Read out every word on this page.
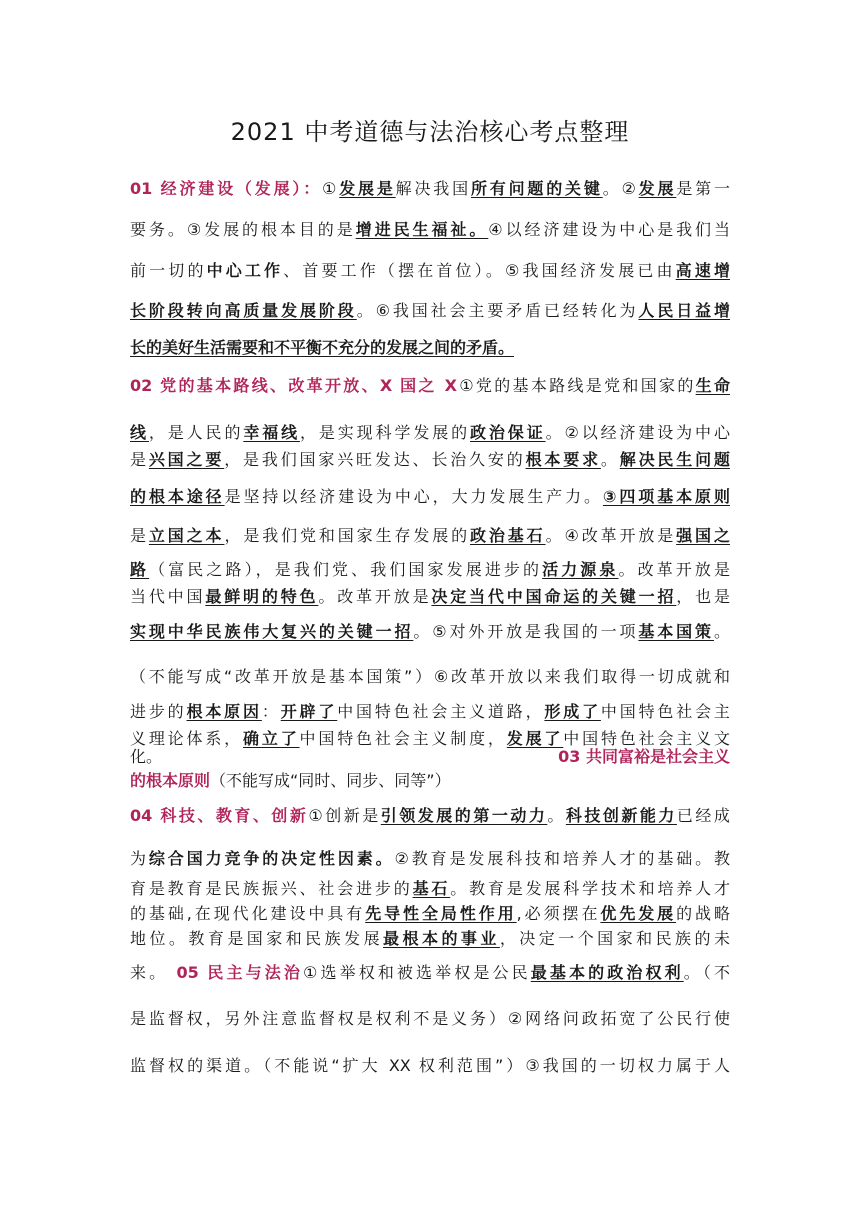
2021 中考道德与法治核心考点整理
01 经济建设（发展）：①发展是解决我国所有问题的关键。②发展是第一
要务。③发展的根本目的是增进民生福祉。④以经济建设为中心是我们当
前一切的中心工作、首要工作（摆在首位）。⑤我国经济发展已由高速增
长阶段转向高质量发展阶段。⑥我国社会主要矛盾已经转化为人民日益增
长的美好生活需要和不平衡不充分的发展之间的矛盾。
02 党的基本路线、改革开放、X 国之 X①党的基本路线是党和国家的生命
线，是人民的幸福线，是实现科学发展的政治保证。②以经济建设为中心
是兴国之要，是我们国家兴旺发达、长治久安的根本要求。解决民生问题
的根本途径是坚持以经济建设为中心，大力发展生产力。③四项基本原则
是立国之本，是我们党和国家生存发展的政治基石。④改革开放是强国之
路（富民之路），是我们党、我们国家发展进步的活力源泉。改革开放是
当代中国最鲜明的特色。改革开放是决定当代中国命运的关键一招，也是
实现中华民族伟大复兴的关键一招。⑤对外开放是我国的一项基本国策。
（不能写成“改革开放是基本国策”）⑥改革开放以来我们取得一切成就和
进步的根本原因：开辟了中国特色社会主义道路，形成了中国特色社会主
义理论体系，确立了中国特色社会主义制度，发展了中国特色社会主义文
化。	03 共同富裕是社会主义
的根本原则（不能写成“同时、同步、同等”）
04 科技、教育、创新①创新是引领发展的第一动力。科技创新能力已经成
为综合国力竞争的决定性因素。②教育是发展科技和培养人才的基础。教
育是教育是民族振兴、社会进步的基石。教育是发展科学技术和培养人才
的基础,在现代化建设中具有先导性全局性作用,必须摆在优先发展的战略
地位。教育是国家和民族发展最根本的事业，决定一个国家和民族的未
来。 05 民主与法治①选举权和被选举权是公民最基本的政治权利。（不
是监督权，另外注意监督权是权利不是义务）②网络问政拓宽了公民行使
监督权的渠道。（不能说“扩大 XX 权利范围”）③我国的一切权力属于人
